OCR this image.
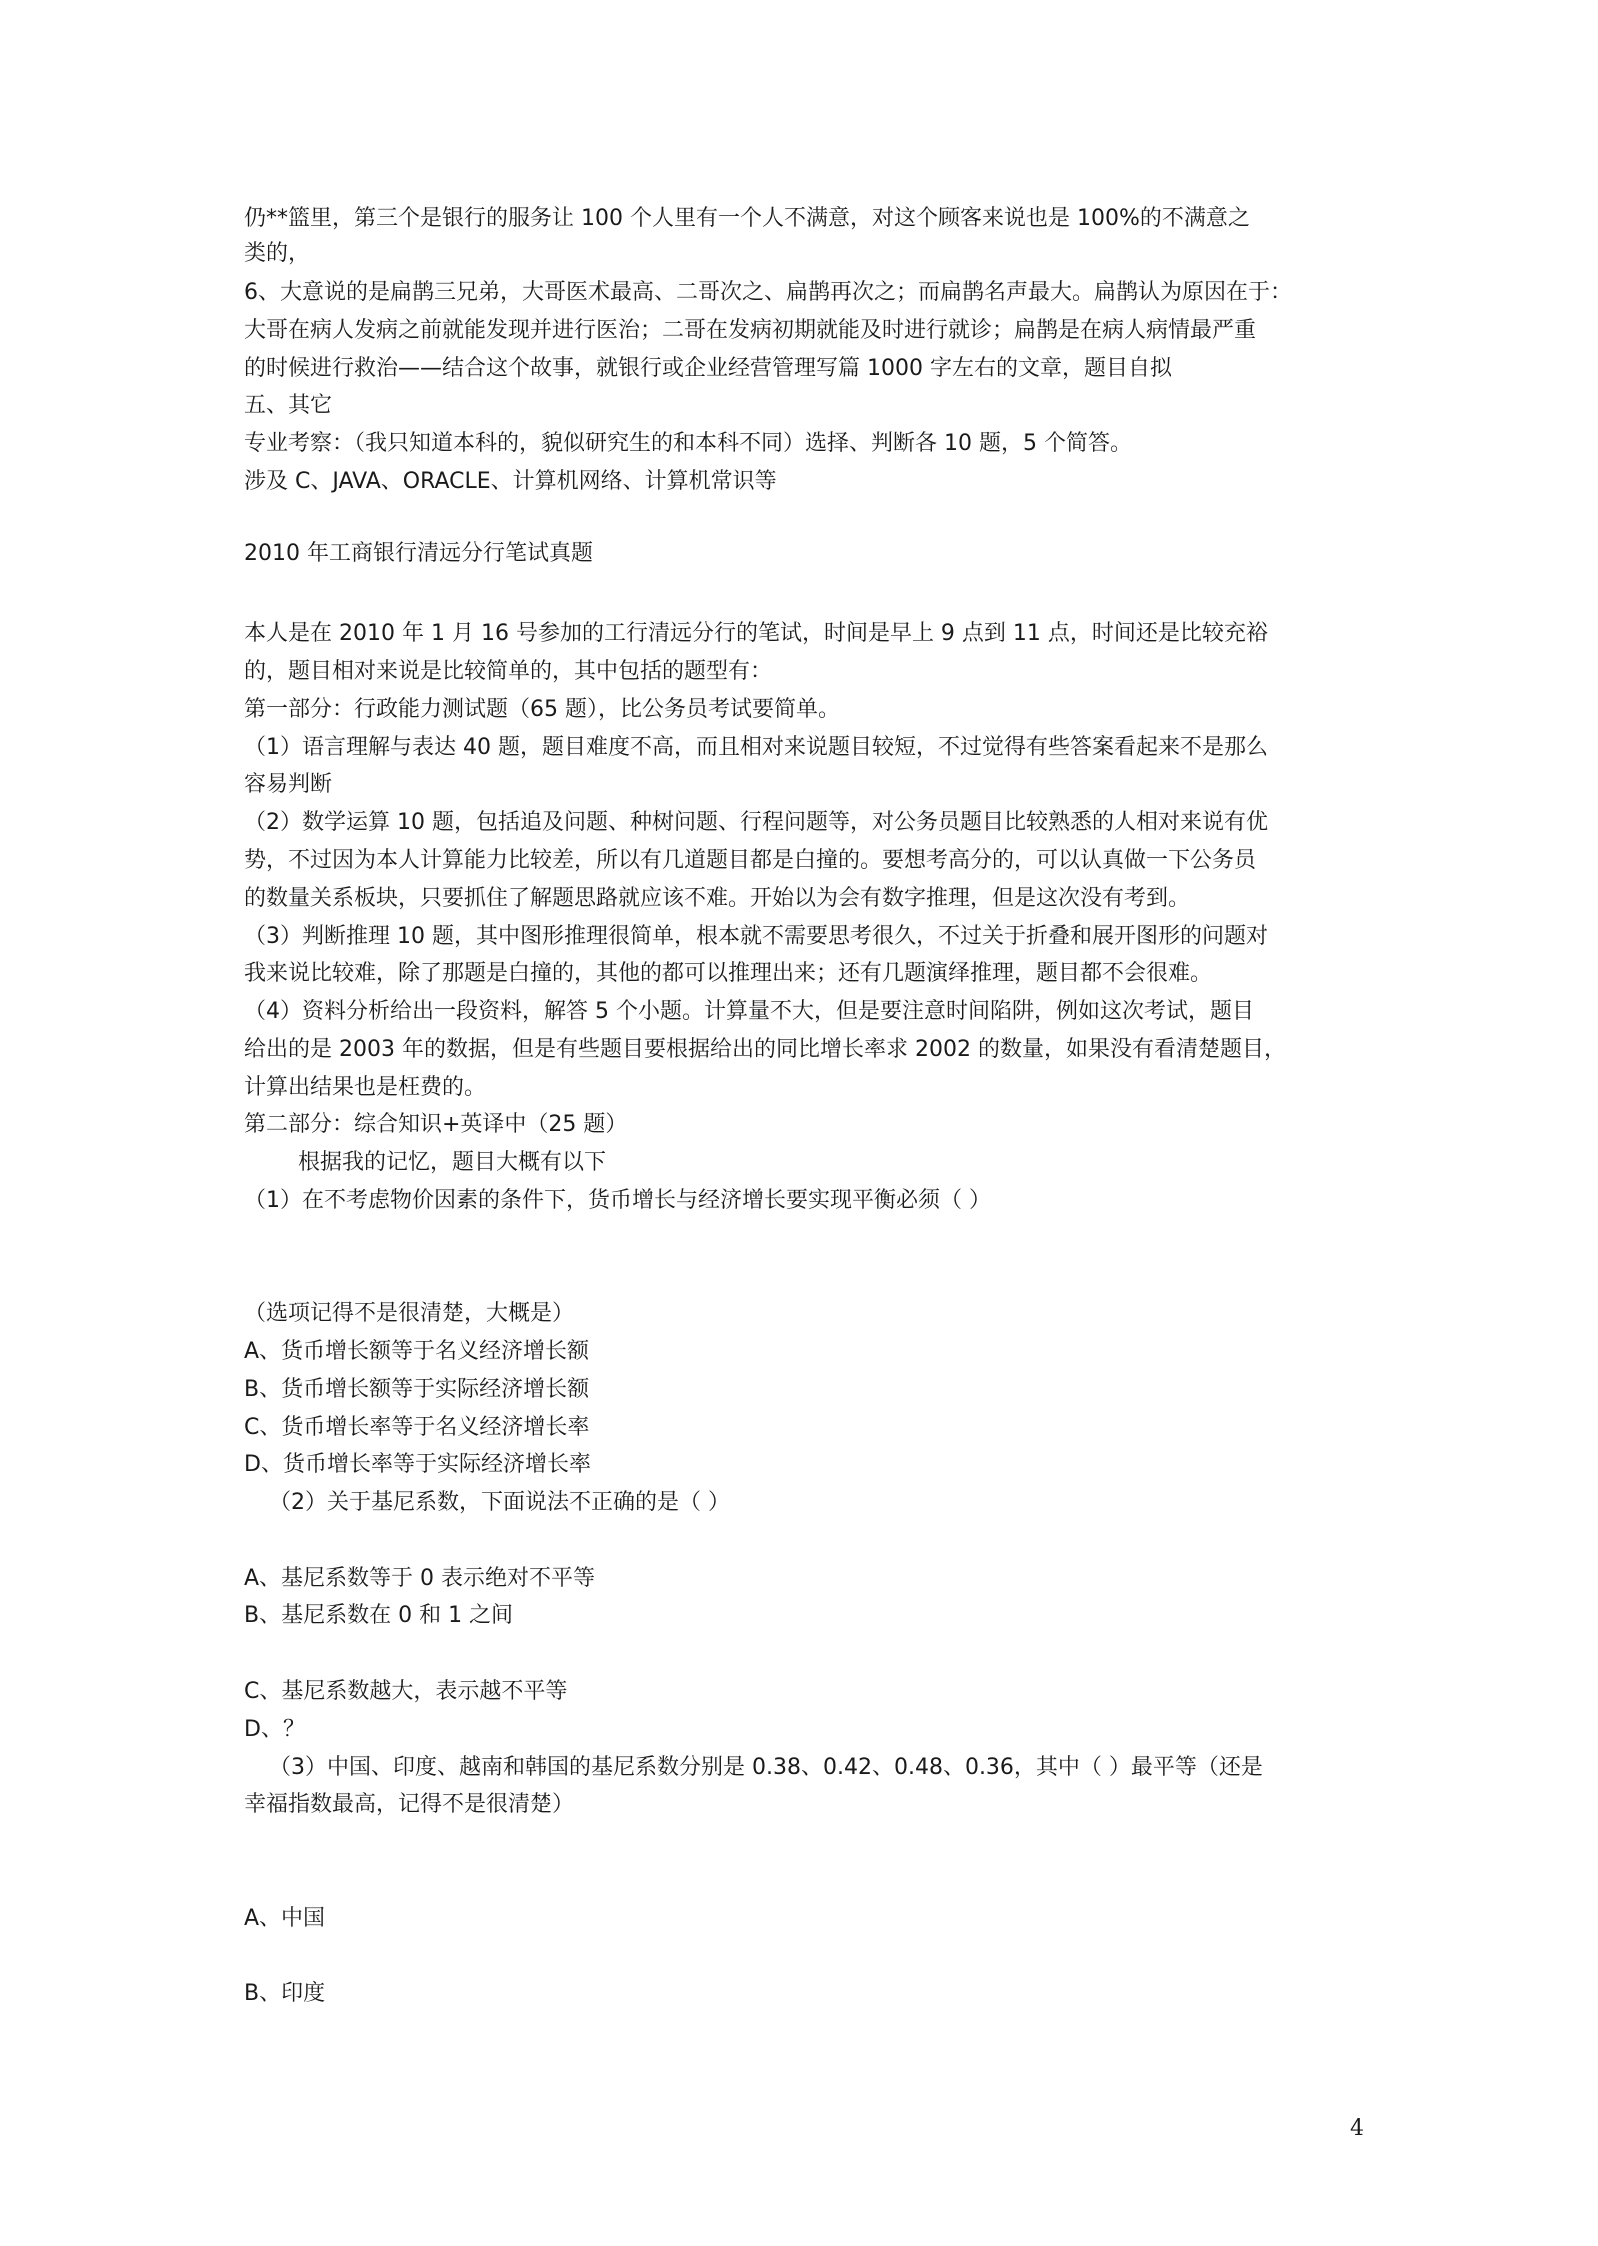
仍**篮里，第三个是银行的服务让 100 个人里有一个人不满意，对这个顾客来说也是 100%的不满意之
类的，
6、大意说的是扁鹊三兄弟，大哥医术最高、二哥次之、扁鹊再次之；而扁鹊名声最大。扁鹊认为原因在于：
大哥在病人发病之前就能发现并进行医治；二哥在发病初期就能及时进行就诊；扁鹊是在病人病情最严重
的时候进行救治——结合这个故事，就银行或企业经营管理写篇 1000 字左右的文章，题目自拟
五、其它
专业考察：（我只知道本科的，貌似研究生的和本科不同）选择、判断各 10 题，5 个简答。
涉及 C、JAVA、ORACLE、计算机网络、计算机常识等
2010 年工商银行清远分行笔试真题
本人是在 2010 年 1 月 16 号参加的工行清远分行的笔试，时间是早上 9 点到 11 点，时间还是比较充裕
的，题目相对来说是比较简单的，其中包括的题型有：
第一部分：行政能力测试题（65 题），比公务员考试要简单。
（1）语言理解与表达 40 题，题目难度不高，而且相对来说题目较短，不过觉得有些答案看起来不是那么
容易判断
（2）数学运算 10 题，包括追及问题、种树问题、行程问题等，对公务员题目比较熟悉的人相对来说有优
势，不过因为本人计算能力比较差，所以有几道题目都是白撞的。要想考高分的，可以认真做一下公务员
的数量关系板块，只要抓住了解题思路就应该不难。开始以为会有数字推理，但是这次没有考到。
（3）判断推理 10 题，其中图形推理很简单，根本就不需要思考很久，不过关于折叠和展开图形的问题对
我来说比较难，除了那题是白撞的，其他的都可以推理出来；还有几题演绎推理，题目都不会很难。
（4）资料分析给出一段资料，解答 5 个小题。计算量不大，但是要注意时间陷阱，例如这次考试，题目
给出的是 2003 年的数据，但是有些题目要根据给出的同比增长率求 2002 的数量，如果没有看清楚题目，
计算出结果也是枉费的。
第二部分：综合知识+英译中（25 题）
根据我的记忆，题目大概有以下
（1）在不考虑物价因素的条件下，货币增长与经济增长要实现平衡必须（ ）
（选项记得不是很清楚，大概是）
A、货币增长额等于名义经济增长额
B、货币增长额等于实际经济增长额
C、货币增长率等于名义经济增长率
D、货币增长率等于实际经济增长率
（2）关于基尼系数，下面说法不正确的是（ ）
A、基尼系数等于 0 表示绝对不平等
B、基尼系数在 0 和 1 之间
C、基尼系数越大，表示越不平等
D、？
（3）中国、印度、越南和韩国的基尼系数分别是 0.38、0.42、0.48、0.36，其中（ ）最平等（还是
幸福指数最高，记得不是很清楚）
A、中国
B、印度
4
